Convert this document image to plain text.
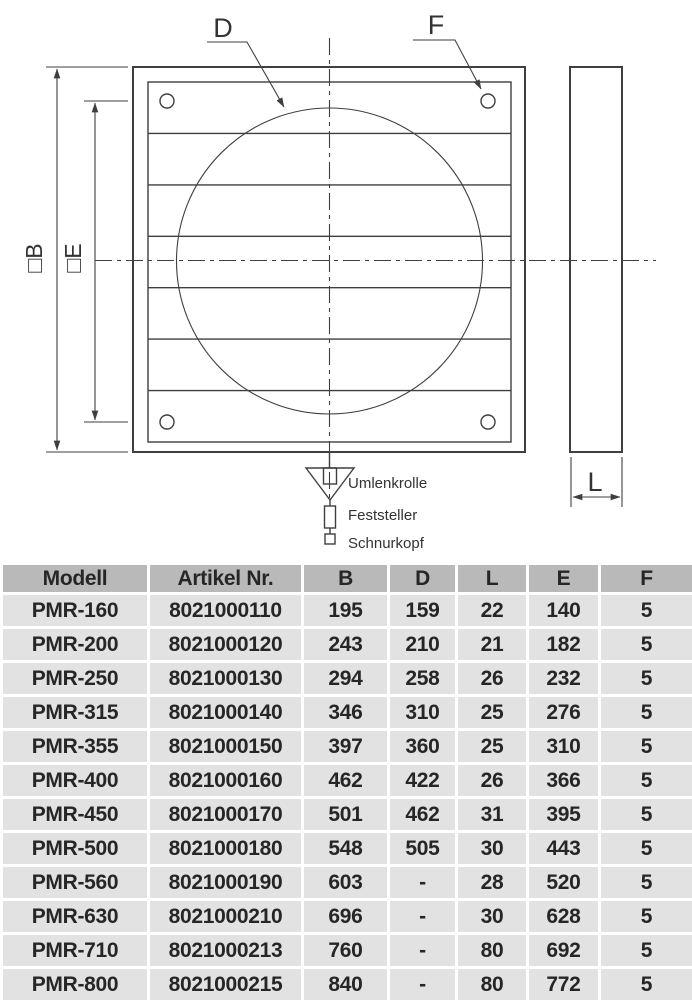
□B □E
D	F
L
Umlenkrolle
Feststeller
Schnurkopf
Modell	Artikel Nr.	B	D	L	E	F
PMR-160	8021000110	195	159	22	140	5
PMR-200	8021000120	243	210	21	182	5
PMR-250	8021000130	294	258	26	232	5
PMR-315	8021000140	346	310	25	276	5
PMR-355	8021000150	397	360	25	310	5
PMR-400	8021000160	462	422	26	366	5
PMR-450	8021000170	501	462	31	395	5
PMR-500	8021000180	548	505	30	443	5
PMR-560	8021000190	603	-	28	520	5
PMR-630	8021000210	696	-	30	628	5
PMR-710	8021000213	760	-	80	692	5
PMR-800	8021000215	840	-	80	772	5
